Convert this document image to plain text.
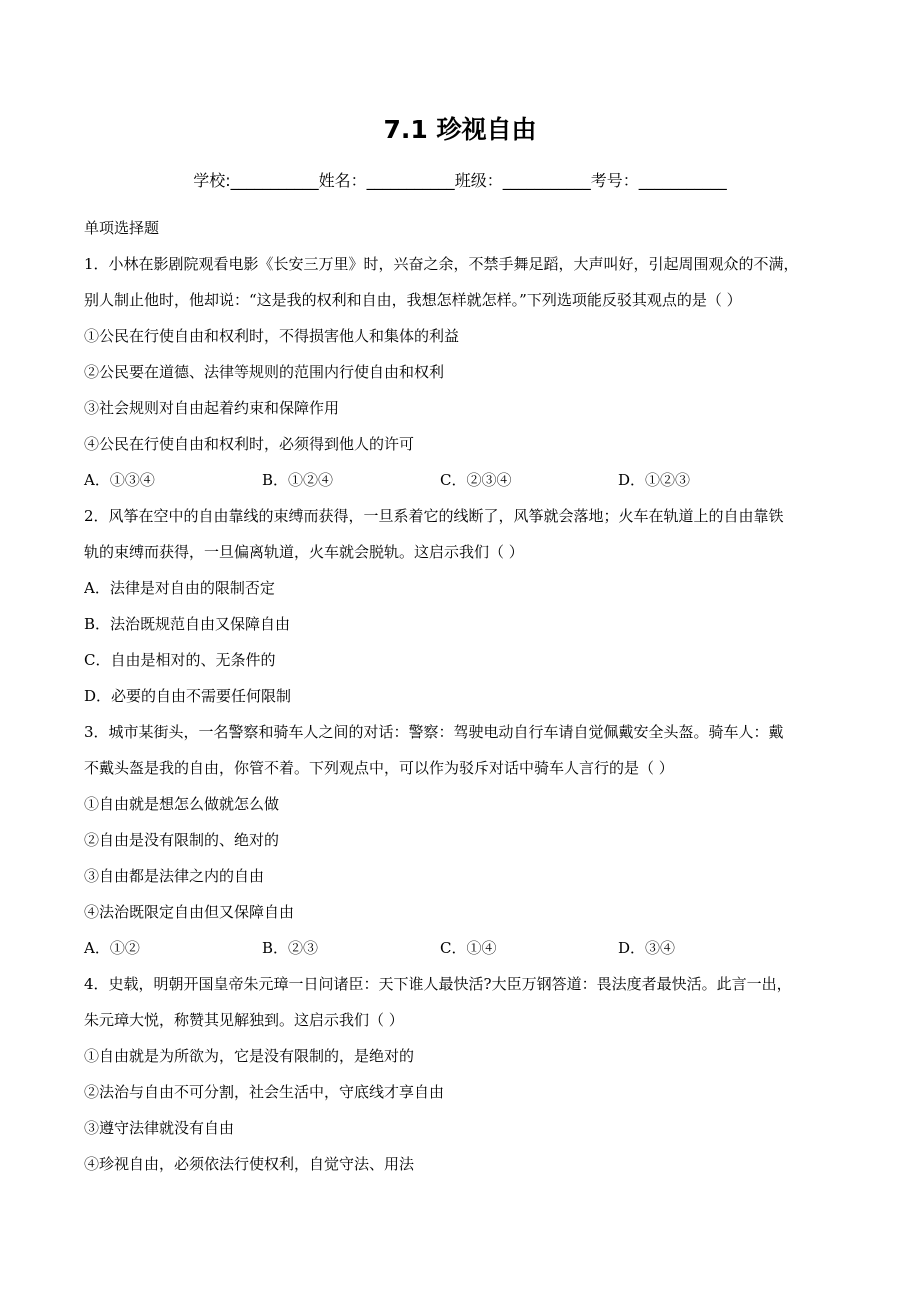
7.1 珍视自由
学校:___________姓名：___________班级：___________考号：___________
单项选择题
1．小林在影剧院观看电影《长安三万里》时，兴奋之余，不禁手舞足蹈，大声叫好，引起周围观众的不满，
别人制止他时，他却说：“这是我的权利和自由，我想怎样就怎样。”下列选项能反驳其观点的是（ ）
①公民在行使自由和权利时，不得损害他人和集体的利益
②公民要在道德、法律等规则的范围内行使自由和权利
③社会规则对自由起着约束和保障作用
④公民在行使自由和权利时，必须得到他人的许可
A．①③④	B．①②④	C．②③④	D．①②③
2．风筝在空中的自由靠线的束缚而获得，一旦系着它的线断了，风筝就会落地；火车在轨道上的自由靠铁
轨的束缚而获得，一旦偏离轨道，火车就会脱轨。这启示我们（ ）
A．法律是对自由的限制否定
B．法治既规范自由又保障自由
C．自由是相对的、无条件的
D．必要的自由不需要任何限制
3．城市某街头，一名警察和骑车人之间的对话：警察：驾驶电动自行车请自觉佩戴安全头盔。骑车人：戴
不戴头盔是我的自由，你管不着。下列观点中，可以作为驳斥对话中骑车人言行的是（ ）
①自由就是想怎么做就怎么做
②自由是没有限制的、绝对的
③自由都是法律之内的自由
④法治既限定自由但又保障自由
A．①②	B．②③	C．①④	D．③④
4．史载，明朝开国皇帝朱元璋一日问诸臣：天下谁人最快活?大臣万钢答道：畏法度者最快活。此言一出，
朱元璋大悦，称赞其见解独到。这启示我们（ ）
①自由就是为所欲为，它是没有限制的，是绝对的
②法治与自由不可分割，社会生活中，守底线才享自由
③遵守法律就没有自由
④珍视自由，必须依法行使权利，自觉守法、用法
